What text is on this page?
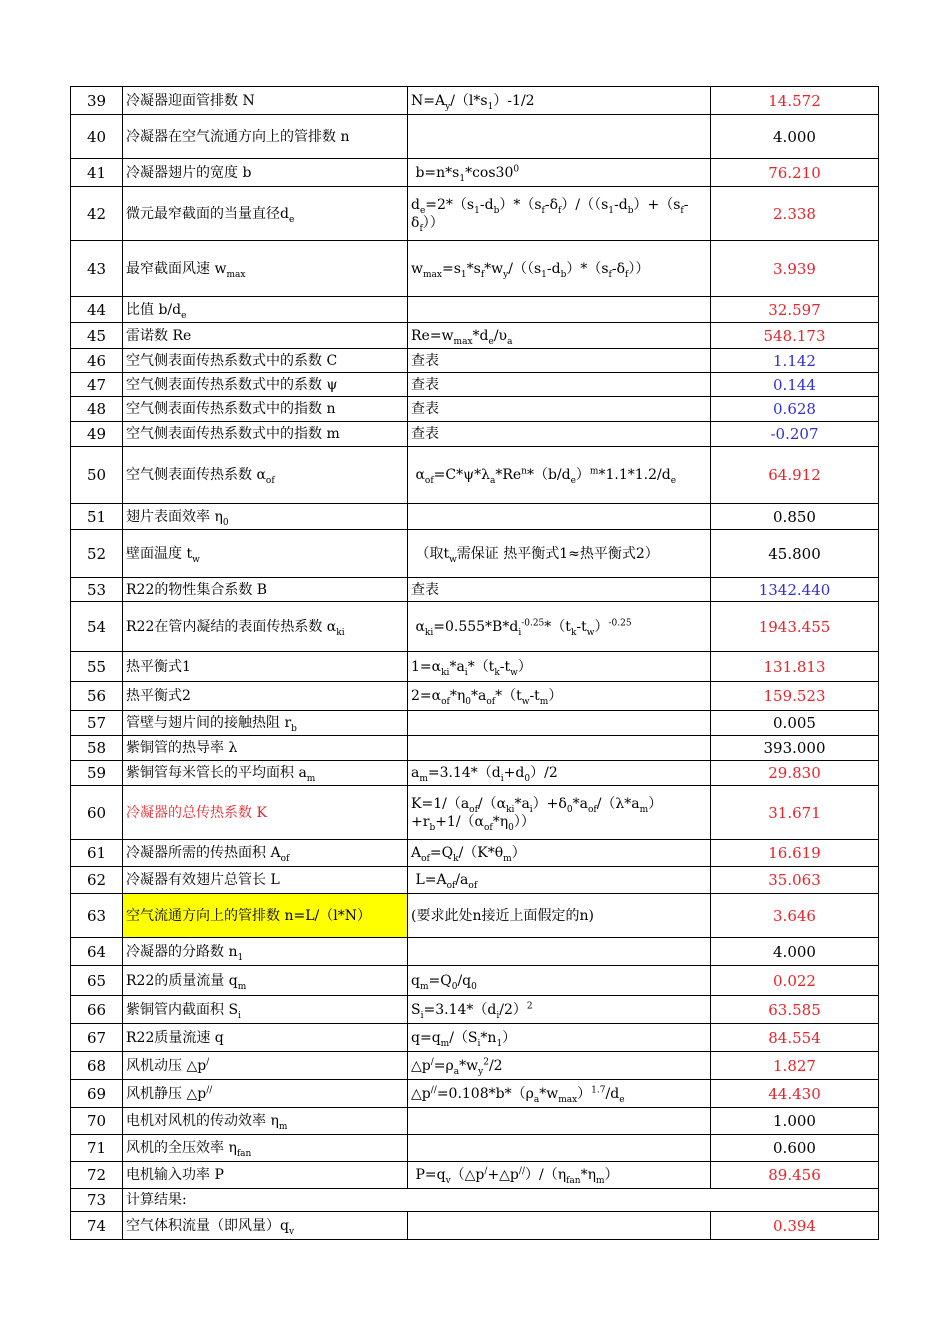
39	冷凝器迎面管排数 N	$N=A_y/(l*s_1)-1/2$	14.572
40	冷凝器在空气流通方向上的管排数 n		4.000
41	冷凝器翅片的宽度 b	$b=n*s_1*\cos 30^0$	76.210
42	微元最窄截面的当量直径$d_e$	$d_e=2*(s_1-d_b)*(s_f-\delta_f)/((s_1-d_b)+(s_f-\delta_f))$	2.338
43	最窄截面风速 $w_{max}$	$w_{max}=s_1*s_f*w_y/((s_1-d_b)*(s_f-\delta_f))$	3.939
44	比值 $b/d_e$		32.597
45	雷诺数 Re	$Re=w_{max}*d_e/\upsilon_a$	548.173
46	空气侧表面传热系数式中的系数 C	查表	1.142
47	空气侧表面传热系数式中的系数 ψ	查表	0.144
48	空气侧表面传热系数式中的指数 n	查表	0.628
49	空气侧表面传热系数式中的指数 m	查表	-0.207
50	空气侧表面传热系数 $\alpha_{of}$	$\alpha_{of}=C*\psi*\lambda_a*Re^n*(b/d_e)^m*1.1*1.2/d_e$	64.912
51	翅片表面效率 $\eta_0$		0.850
52	壁面温度 $t_w$	（取$t_w$需保证 热平衡式1≈热平衡式2）	45.800
53	R22的物性集合系数 B	查表	1342.440
54	R22在管内凝结的表面传热系数 $\alpha_{ki}$	$\alpha_{ki}=0.555*B*d_i^{-0.25}*(t_k-t_w)^{-0.25}$	1943.455
55	热平衡式1	$1=\alpha_{ki}*a_i*(t_k-t_w)$	131.813
56	热平衡式2	$2=\alpha_{of}*\eta_0*a_{of}*(t_w-t_m)$	159.523
57	管壁与翅片间的接触热阻 $r_b$		0.005
58	紫铜管的热导率 λ		393.000
59	紫铜管每米管长的平均面积 $a_m$	$a_m=3.14*(d_i+d_0)/2$	29.830
60	冷凝器的总传热系数 K	$K=1/(a_{of}/(\alpha_{ki}*a_i)+\delta_0*a_{of}/(\lambda*a_m)+r_b+1/(\alpha_{of}*\eta_0))$	31.671
61	冷凝器所需的传热面积 $A_{of}$	$A_{of}=Q_k/(K*\theta_m)$	16.619
62	冷凝器有效翅片总管长 L	$L=A_{of}/a_{of}$	35.063
63	空气流通方向上的管排数 n=L/（l*N）	(要求此处n接近上面假定的n)	3.646
64	冷凝器的分路数 $n_1$		4.000
65	R22的质量流量 $q_m$	$q_m=Q_0/q_0$	0.022
66	紫铜管内截面积 $S_i$	$S_i=3.14*(d_i/2)^2$	63.585
67	R22质量流速 q	$q=q_m/(S_i*n_1)$	84.554
68	风机动压 △p/	$\triangle p^/=\rho_a*w_y^2/2$	1.827
69	风机静压 △p//	$\triangle p^{//}=0.108*b*(\rho_a*w_{max})^{1.7}/d_e$	44.430
70	电机对风机的传动效率 $\eta_m$		1.000
71	风机的全压效率 $\eta_{fan}$		0.600
72	电机输入功率 P	$P=q_v(\triangle p^/+\triangle p^{//})/(\eta_{fan}*\eta_m)$	89.456
73	计算结果:		
74	空气体积流量（即风量）$q_v$		0.394
